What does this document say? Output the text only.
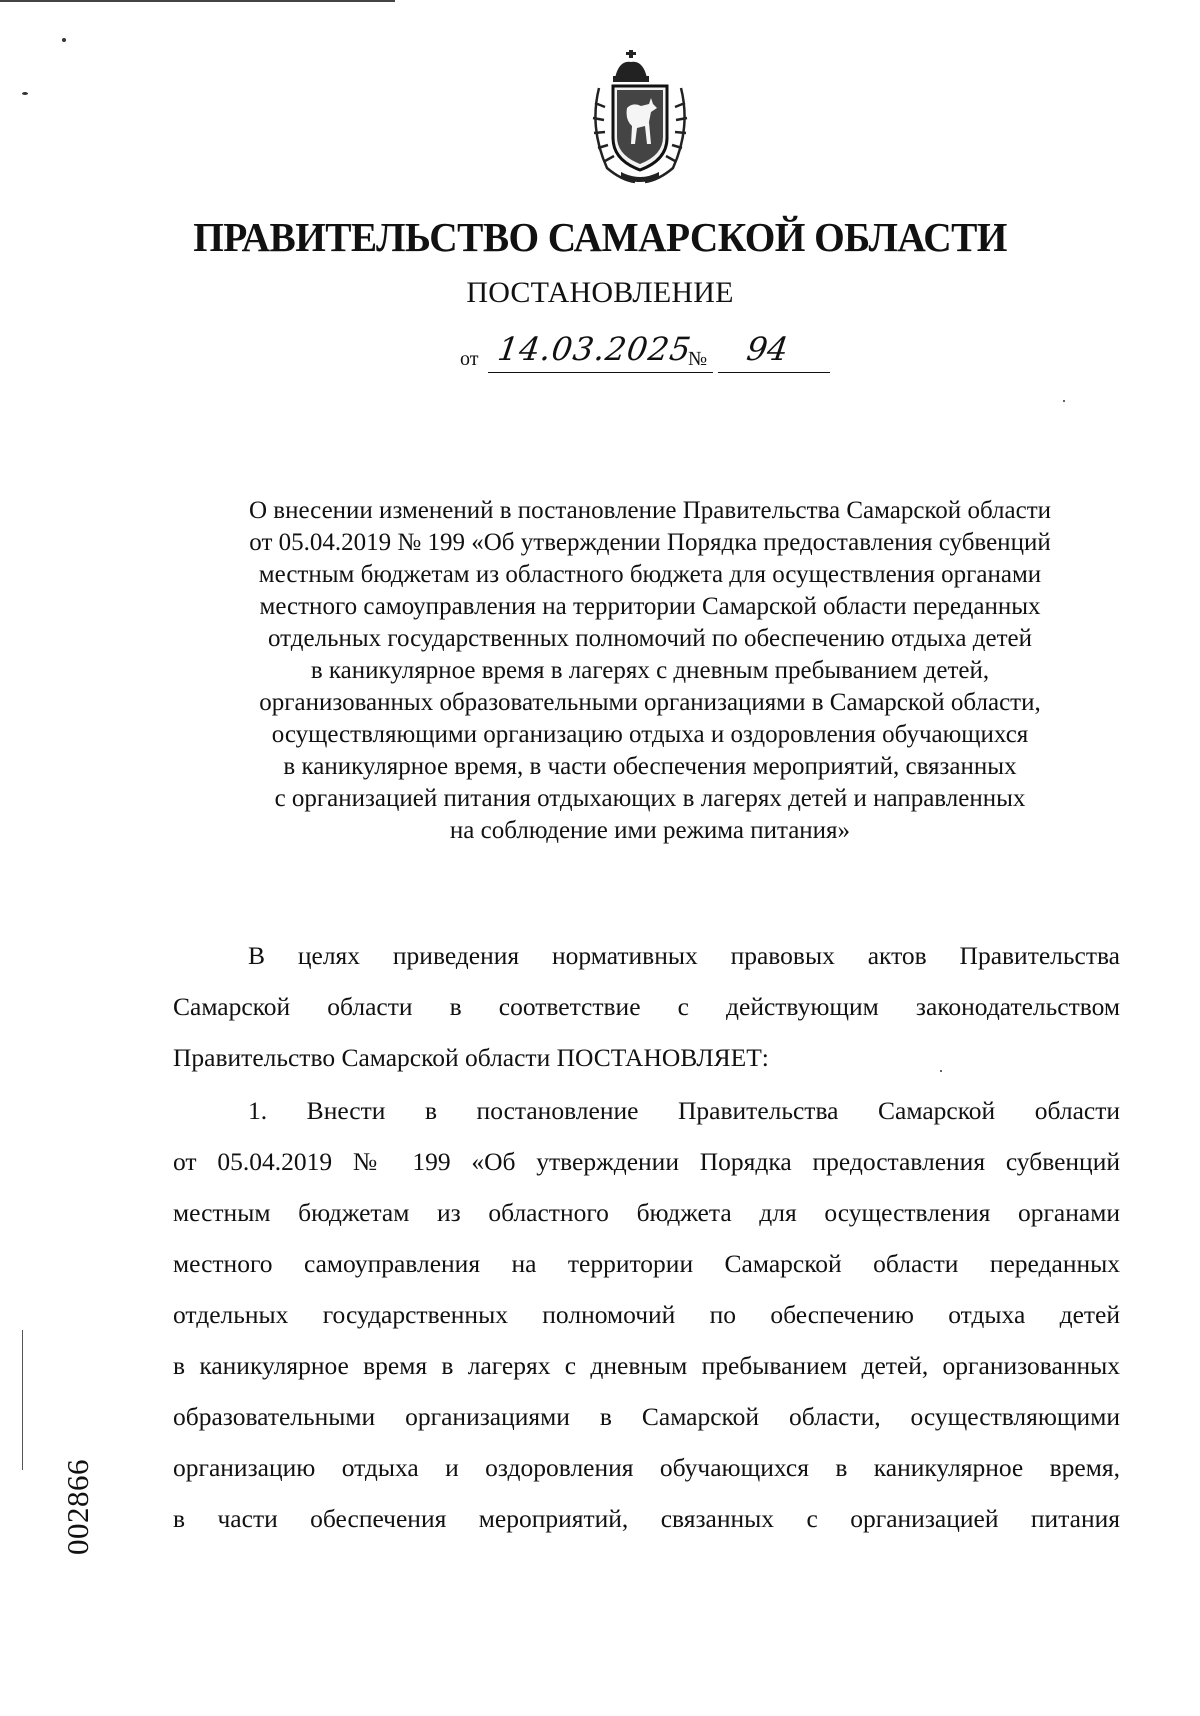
ПРАВИТЕЛЬСТВО САМАРСКОЙ ОБЛАСТИ
ПОСТАНОВЛЕНИЕ
от 14.03.2025
№ 94
О внесении изменений в постановление Правительства Самарской области
от 05.04.2019 № 199 «Об утверждении Порядка предоставления субвенций
местным бюджетам из областного бюджета для осуществления органами
местного самоуправления на территории Самарской области переданных
отдельных государственных полномочий по обеспечению отдыха детей
в каникулярное время в лагерях с дневным пребыванием детей,
организованных образовательными организациями в Самарской области,
осуществляющими организацию отдыха и оздоровления обучающихся
в каникулярное время, в части обеспечения мероприятий, связанных
с организацией питания отдыхающих в лагерях детей и направленных
на соблюдение ими режима питания»
В целях приведения нормативных правовых актов Правительства
Самарской области в соответствие с действующим законодательством
Правительство Самарской области ПОСТАНОВЛЯЕТ:
1. Внести в постановление Правительства Самарской области
от 05.04.2019 № 199 «Об утверждении Порядка предоставления субвенций
местным бюджетам из областного бюджета для осуществления органами
местного самоуправления на территории Самарской области переданных
отдельных государственных полномочий по обеспечению отдыха детей
в каникулярное время в лагерях с дневным пребыванием детей, организованных
образовательными организациями в Самарской области, осуществляющими
организацию отдыха и оздоровления обучающихся в каникулярное время,
в части обеспечения мероприятий, связанных с организацией питания
002866
